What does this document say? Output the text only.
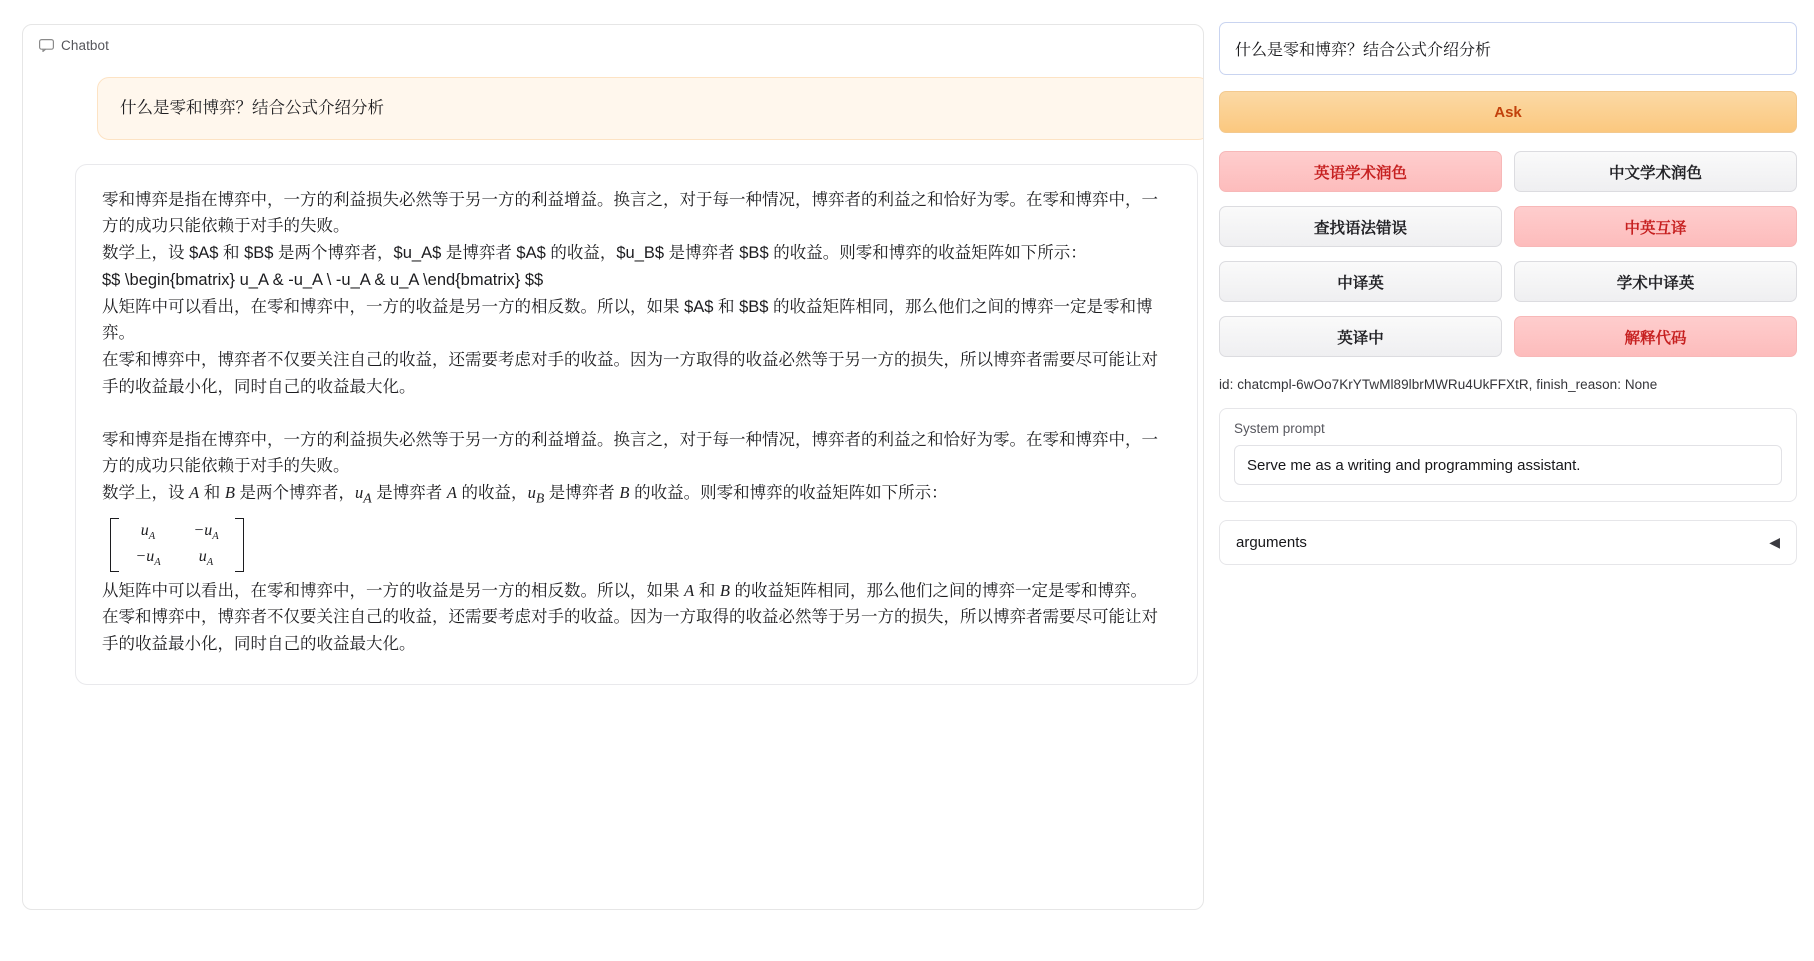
Chatbot
什么是零和博弈？结合公式介绍分析

零和博弈是指在博弈中，一方的利益损失必然等于另一方的利益增益。换言之，对于每一种情况，博弈者的利益之和恰好为零。在零和博弈中，一方的成功只能依赖于对手的失败。

数学上，设 $A$ 和 $B$ 是两个博弈者，$u_A$ 是博弈者 $A$ 的收益，$u_B$ 是博弈者 $B$ 的收益。则零和博弈的收益矩阵如下所示：

$$ \begin{bmatrix} u_A & -u_A \ -u_A & u_A \end{bmatrix} $$

从矩阵中可以看出，在零和博弈中，一方的收益是另一方的相反数。所以，如果 $A$ 和 $B$ 的收益矩阵相同，那么他们之间的博弈一定是零和博弈。

在零和博弈中，博弈者不仅要关注自己的收益，还需要考虑对手的收益。因为一方取得的收益必然等于另一方的损失，所以博弈者需要尽可能让对手的收益最小化，同时自己的收益最大化。

零和博弈是指在博弈中，一方的利益损失必然等于另一方的利益增益。换言之，对于每一种情况，博弈者的利益之和恰好为零。在零和博弈中，一方的成功只能依赖于对手的失败。

数学上，设 A 和 B 是两个博弈者，$u_A$ 是博弈者 A 的收益，$u_B$ 是博弈者 B 的收益。则零和博弈的收益矩阵如下所示：

$u_A -u_A$
$-u_A$ $u_A$

从矩阵中可以看出，在零和博弈中，一方的收益是另一方的相反数。所以，如果 A 和 B 的收益矩阵相同，那么他们之间的博弈一定是零和博弈。

在零和博弈中，博弈者不仅要关注自己的收益，还需要考虑对手的收益。因为一方取得的收益必然等于另一方的损失，所以博弈者需要尽可能让对手的收益最小化，同时自己的收益最大化。

什么是零和博弈？结合公式介绍分析
Ask
英语学术润色	中文学术润色
查找语法错误	中英互译
中译英	学术中译英
英译中	解释代码
id: chatcmpl-6wOo7KrYTwMl89lbrMWRu4UkFFXtR, finish_reason: None
System prompt
Serve me as a writing and programming assistant.
arguments	◀
